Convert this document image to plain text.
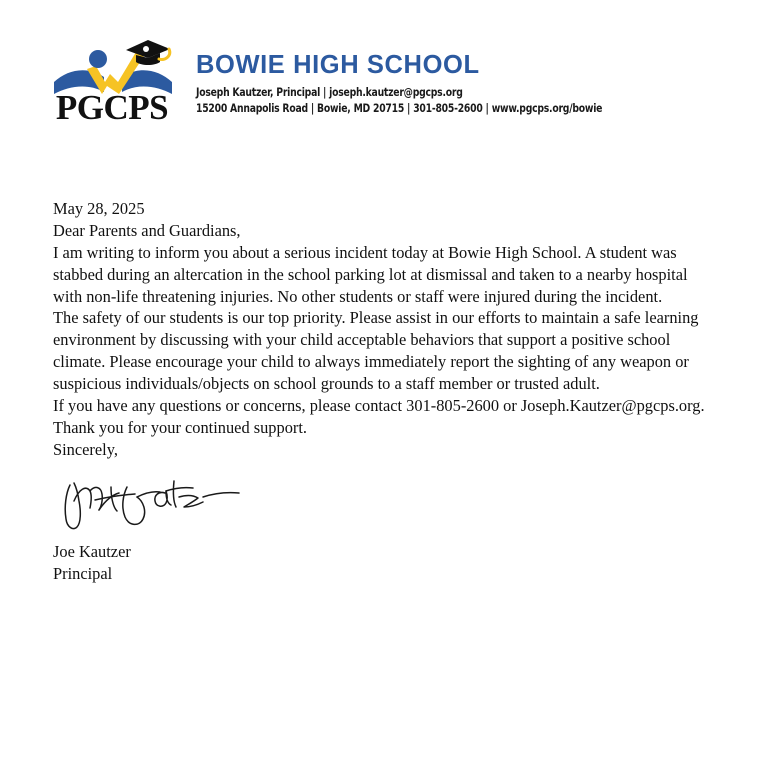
PGCPS
BOWIE HIGH SCHOOL
Joseph Kautzer, Principal | joseph.kautzer@pgcps.org
15200 Annapolis Road | Bowie, MD 20715 | 301-805-2600 | www.pgcps.org/bowie

May 28, 2025

Dear Parents and Guardians,

I am writing to inform you about a serious incident today at Bowie High School. A student was stabbed during an altercation in the school parking lot at dismissal and taken to a nearby hospital with non-life threatening injuries. No other students or staff were injured during the incident.

The safety of our students is our top priority. Please assist in our efforts to maintain a safe learning environment by discussing with your child acceptable behaviors that support a positive school climate. Please encourage your child to always immediately report the sighting of any weapon or suspicious individuals/objects on school grounds to a staff member or trusted adult.

If you have any questions or concerns, please contact 301-805-2600 or Joseph.Kautzer@pgcps.org.

Thank you for your continued support.

Sincerely,

Joe Kautzer

Principal
